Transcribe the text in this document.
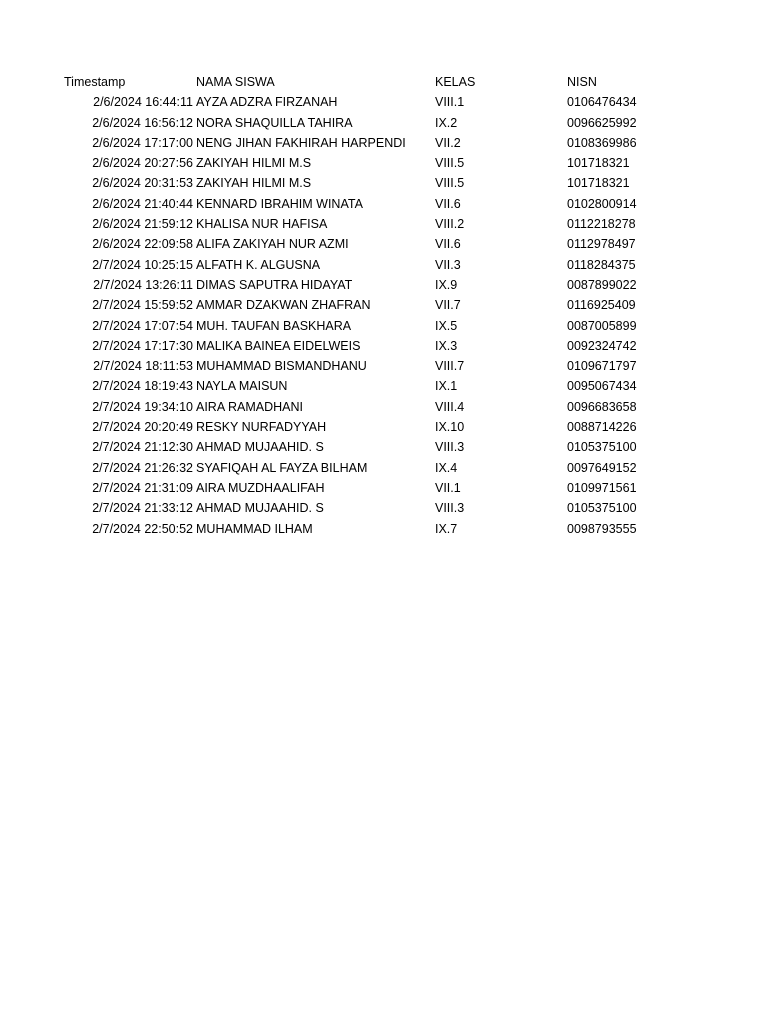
Timestamp	NAMA SISWA	KELAS	NISN
2/6/2024 16:44:11 AYZA ADZRA FIRZANAH	VIII.1	0106476434
2/6/2024 16:56:12 NORA SHAQUILLA TAHIRA	IX.2	0096625992
2/6/2024 17:17:00 NENG JIHAN FAKHIRAH HARPENDI VII.2	0108369986
2/6/2024 20:27:56 ZAKIYAH HILMI M.S	VIII.5	101718321
2/6/2024 20:31:53 ZAKIYAH HILMI M.S	VIII.5	101718321
2/6/2024 21:40:44 KENNARD IBRAHIM WINATA	VII.6	0102800914
2/6/2024 21:59:12 KHALISA NUR HAFISA	VIII.2	0112218278
2/6/2024 22:09:58 ALIFA ZAKIYAH NUR AZMI	VII.6	0112978497
2/7/2024 10:25:15 ALFATH K. ALGUSNA	VII.3	0118284375
2/7/2024 13:26:11 DIMAS SAPUTRA HIDAYAT	IX.9	0087899022
2/7/2024 15:59:52 AMMAR DZAKWAN ZHAFRAN	VII.7	0116925409
2/7/2024 17:07:54 MUH. TAUFAN BASKHARA	IX.5	0087005899
2/7/2024 17:17:30 MALIKA BAINEA EIDELWEIS	IX.3	0092324742
2/7/2024 18:11:53 MUHAMMAD BISMANDHANU	VIII.7	0109671797
2/7/2024 18:19:43 NAYLA MAISUN	IX.1	0095067434
2/7/2024 19:34:10 AIRA RAMADHANI	VIII.4	0096683658
2/7/2024 20:20:49 RESKY NURFADYYAH	IX.10	0088714226
2/7/2024 21:12:30 AHMAD MUJAAHID. S	VIII.3	0105375100
2/7/2024 21:26:32 SYAFIQAH AL FAYZA BILHAM	IX.4	0097649152
2/7/2024 21:31:09 AIRA MUZDHAALIFAH	VII.1	0109971561
2/7/2024 21:33:12 AHMAD MUJAAHID. S	VIII.3	0105375100
2/7/2024 22:50:52 MUHAMMAD ILHAM	IX.7	0098793555
